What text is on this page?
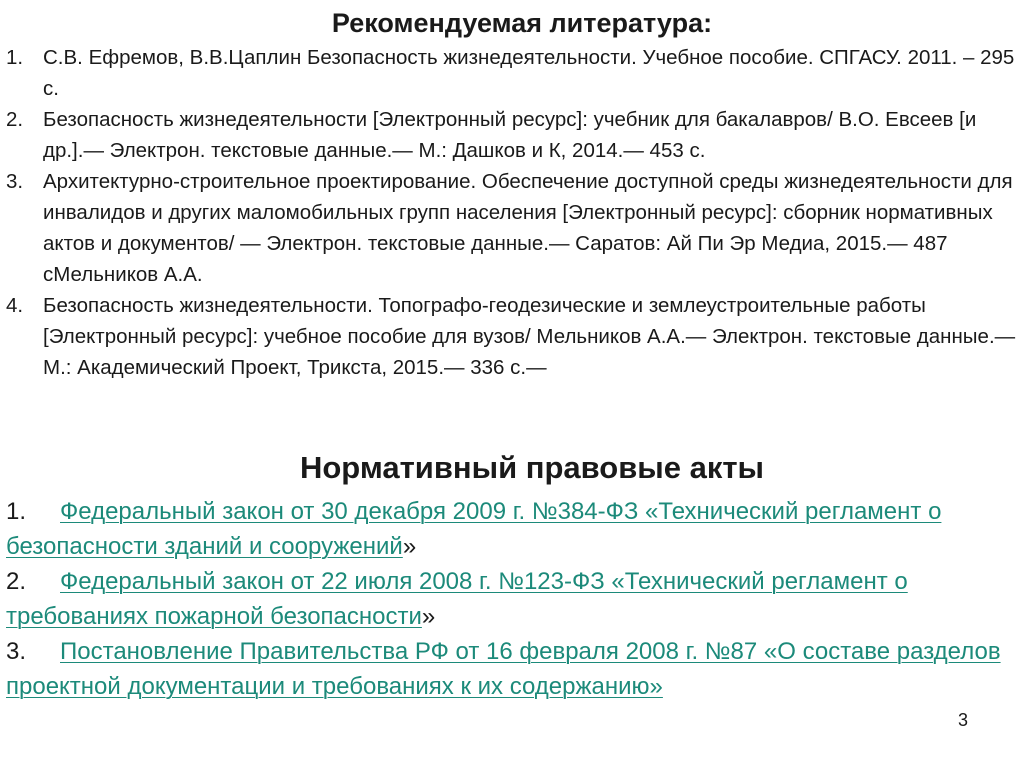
Рекомендуемая литература:
1. С.В. Ефремов, В.В.Цаплин Безопасность жизнедеятельности. Учебное пособие. СПГАСУ. 2011. – 295 с.
2. Безопасность жизнедеятельности [Электронный ресурс]: учебник для бакалавров/ В.О. Евсеев [и др.].— Электрон. текстовые данные.— М.: Дашков и К, 2014.— 453 c.
3. Архитектурно-строительное проектирование. Обеспечение доступной среды жизнедеятельности для инвалидов и других маломобильных групп населения [Электронный ресурс]: сборник нормативных актов и документов/ — Электрон. текстовые данные.— Саратов: Ай Пи Эр Медиа, 2015.— 487 cМельников А.А.
4. Безопасность жизнедеятельности. Топографо-геодезические и землеустроительные работы [Электронный ресурс]: учебное пособие для вузов/ Мельников А.А.— Электрон. текстовые данные.— М.: Академический Проект, Трикста, 2015.— 336 c.—
Нормативный правовые акты
1. Федеральный закон от 30 декабря 2009 г. №384-ФЗ «Технический регламент о безопасности зданий и сооружений»
2. Федеральный закон от 22 июля 2008 г. №123-ФЗ «Технический регламент о требованиях пожарной безопасности»
3. Постановление Правительства РФ от 16 февраля 2008 г. №87 «О составе разделов проектной документации и требованиях к их содержанию»
3
